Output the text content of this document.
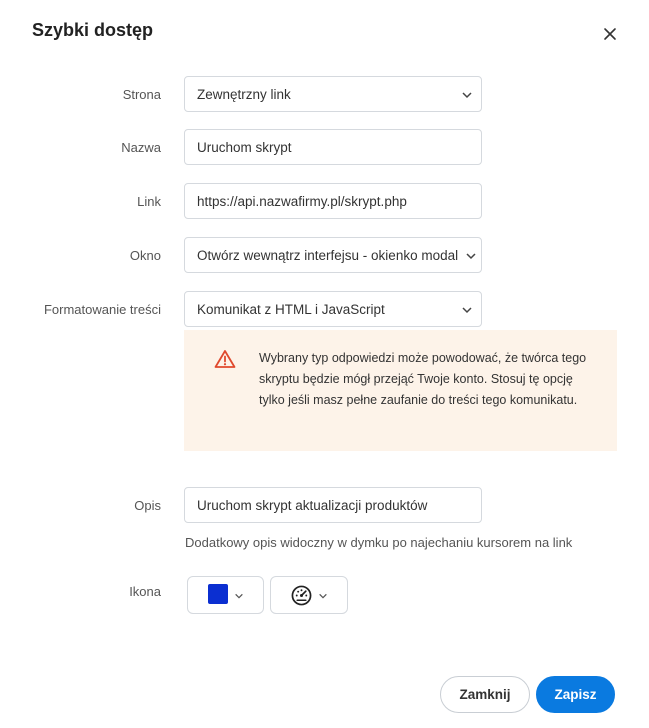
Szybki dostęp
Strona	Zewnętrzny link
Nazwa	Uruchom skrypt
Link	https://api.nazwafirmy.pl/skrypt.php
Okno	Otwórz wewnątrz interfejsu - okienko modal
Formatowanie treści	Komunikat z HTML i JavaScript
Wybrany typ odpowiedzi może powodować, że twórca tego skryptu będzie mógł przejąć Twoje konto. Stosuj tę opcję tylko jeśli masz pełne zaufanie do treści tego komunikatu.
Opis	Uruchom skrypt aktualizacji produktów
Dodatkowy opis widoczny w dymku po najechaniu kursorem na link
Ikona
Zamknij	Zapisz
